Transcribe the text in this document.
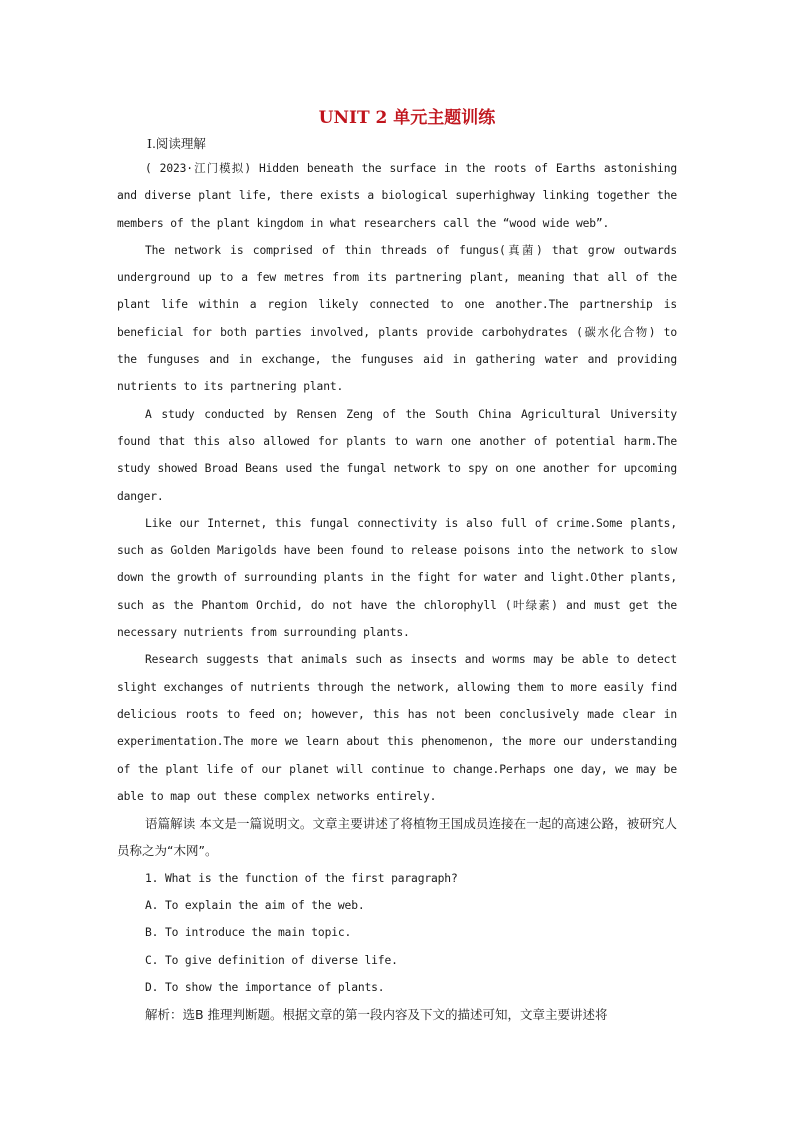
UNIT 2 单元主题训练
Ⅰ.阅读理解

( 2023·江门模拟) Hidden beneath the surface in the roots of Earths astonishing and diverse plant life, there exists a biological superhighway linking together the members of the plant kingdom in what researchers call the “wood wide web”.

The network is comprised of thin threads of fungus(真菌) that grow outwards underground up to a few metres from its partnering plant, meaning that all of the plant life within a region likely connected to one another.The partnership is beneficial for both parties involved, plants provide carbohydrates (碳水化合物) to the funguses and in exchange, the funguses aid in gathering water and providing nutrients to its partnering plant.

A study conducted by Rensen Zeng of the South China Agricultural University found that this also allowed for plants to warn one another of potential harm.The study showed Broad Beans used the fungal network to spy on one another for upcoming danger.

Like our Internet, this fungal connectivity is also full of crime.Some plants, such as Golden Marigolds have been found to release poisons into the network to slow down the growth of surrounding plants in the fight for water and light.Other plants, such as the Phantom Orchid, do not have the chlorophyll (叶绿素) and must get the necessary nutrients from surrounding plants.

Research suggests that animals such as insects and worms may be able to detect slight exchanges of nutrients through the network, allowing them to more easily find delicious roots to feed on; however, this has not been conclusively made clear in experimentation.The more we learn about this phenomenon, the more our understanding of the plant life of our planet will continue to change.Perhaps one day, we may be able to map out these complex networks entirely.

语篇解读 本文是一篇说明文。文章主要讲述了将植物王国成员连接在一起的高速公路，被研究人员称之为“木网”。

1. What is the function of the first paragraph?
A. To explain the aim of the web.
B. To introduce the main topic.
C. To give definition of diverse life.
D. To show the importance of plants.
解析：选B 推理判断题。根据文章的第一段内容及下文的描述可知，文章主要讲述将
